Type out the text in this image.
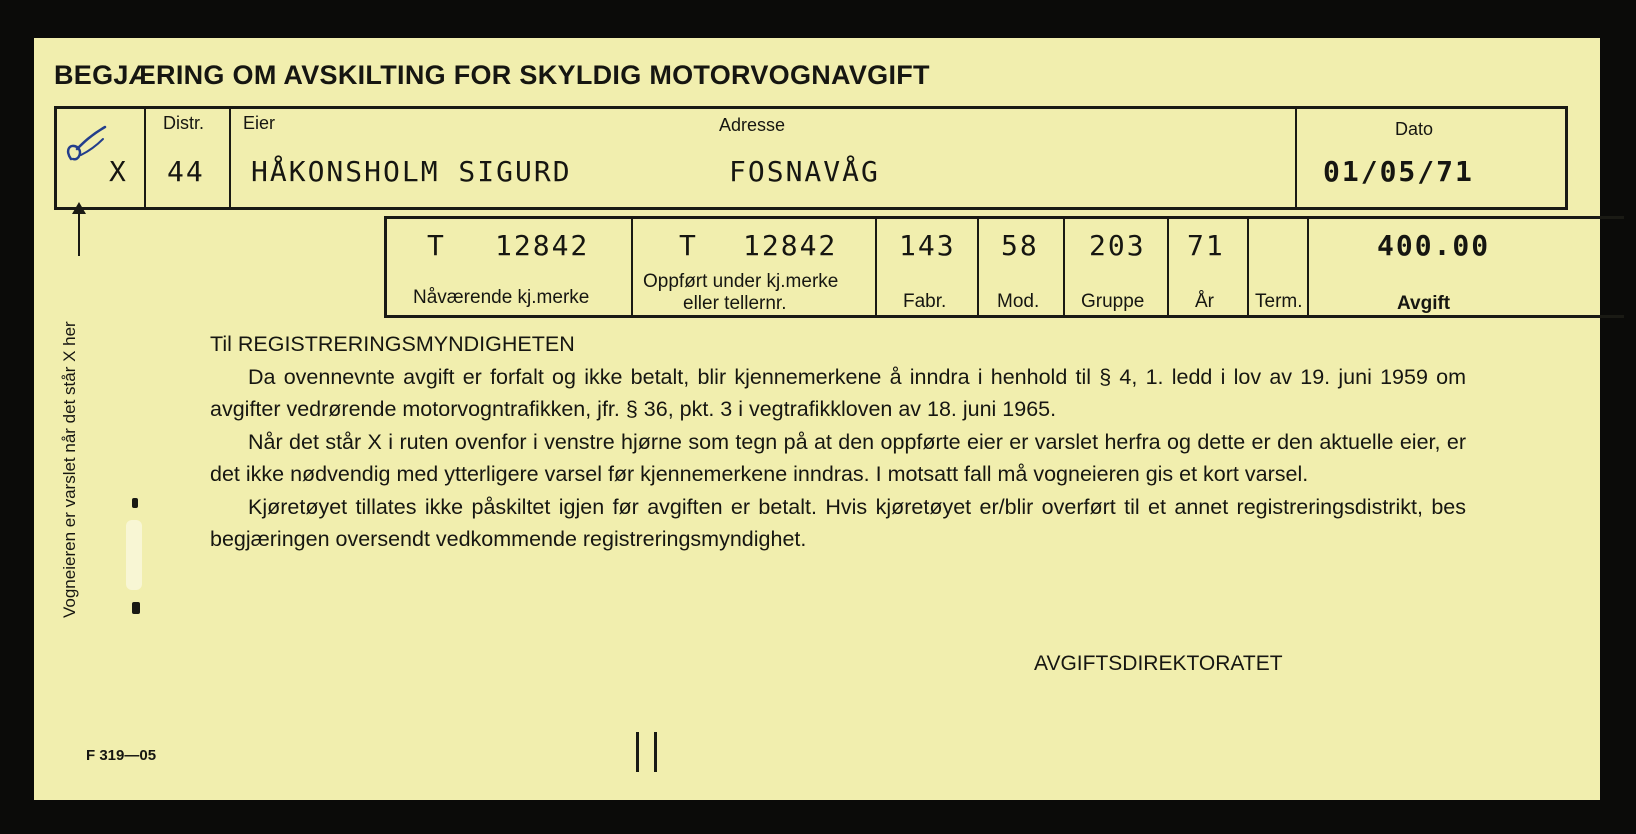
BEGJÆRING OM AVSKILTING FOR SKYLDIG MOTORVOGNAVGIFT
X
Distr.
44
Eier
HÅKONSHOLM SIGURD
Adresse
FOSNAVÅG
Dato
01/05/71
Vogneieren er varslet når det står X her
T 12842
Nåværende kj.merke
T 12842
Oppført under kj.merke
eller tellernr.
143
Fabr.
58
Mod.
203
Gruppe
71
År Term.
400.00
Avgift

Til REGISTRERINGSMYNDIGHETEN

Da ovennevnte avgift er forfalt og ikke betalt, blir kjennemerkene å inndra i henhold til § 4, 1. ledd i lov av 19. juni 1959 om avgifter vedrørende motorvogntrafikken, jfr. § 36, pkt. 3 i vegtrafikkloven av 18. juni 1965.

Når det står X i ruten ovenfor i venstre hjørne som tegn på at den oppførte eier er varslet herfra og dette er den aktuelle eier, er det ikke nødvendig med ytterligere varsel før kjennemerkene inndras. I motsatt fall må vogneieren gis et kort varsel.

Kjøretøyet tillates ikke påskiltet igjen før avgiften er betalt. Hvis kjøretøyet er/blir overført til et annet registreringsdistrikt, bes begjæringen oversendt vedkommende registreringsmyndighet.

AVGIFTSDIREKTORATET
F 319—05
